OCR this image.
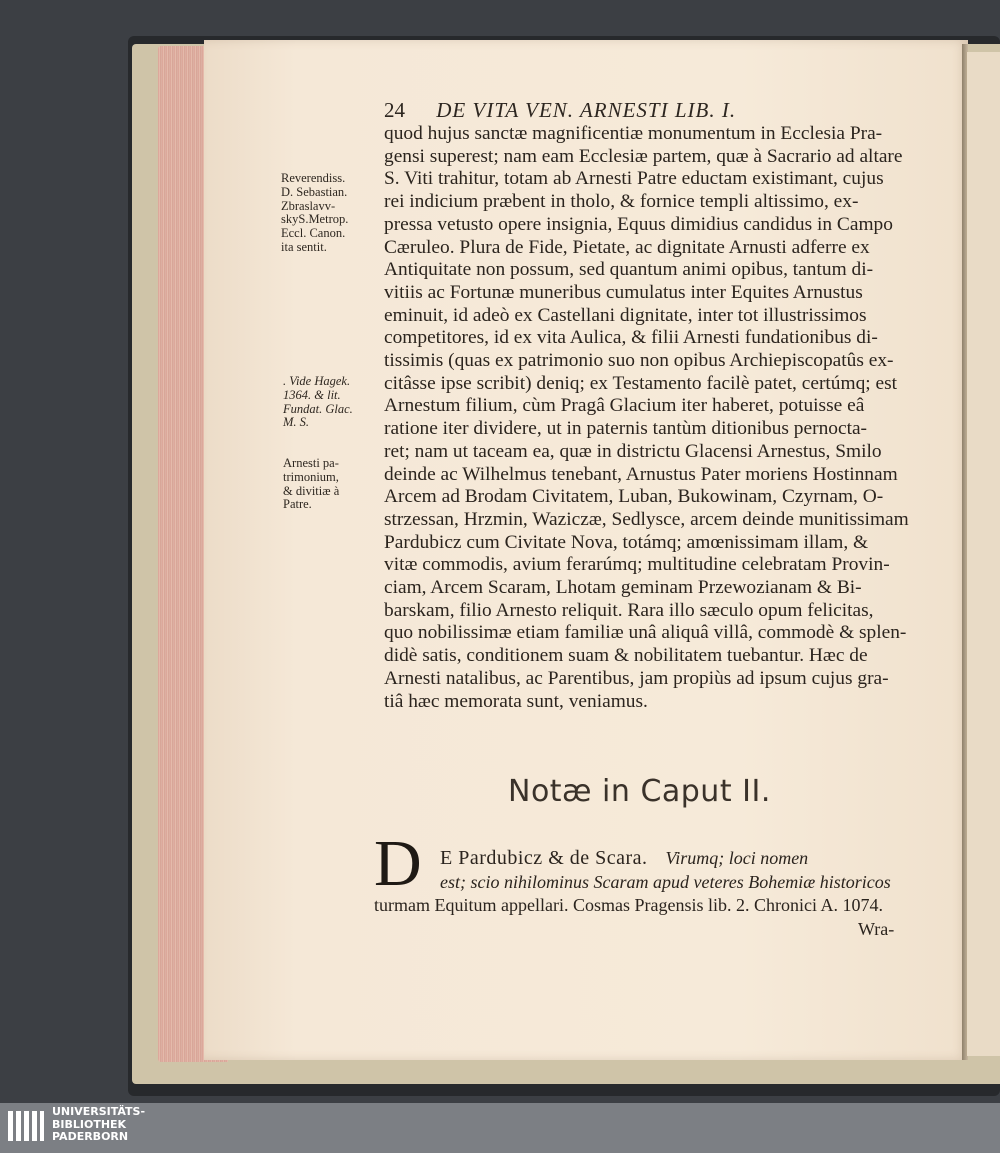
24 DE VITA VEN. ARNESTI LIB. I.
Reverendiss.
D. Sebastian.
Zbraslavv-
skyS.Metrop.
Eccl. Canon.
ita sentit.
. Vide Hagek.
1364. & lit.
Fundat. Glac.
M. S.
Arnesti pa-
trimonium,
& divitiæ à
Patre.

quod hujus sanctæ magnificentiæ monumentum in Ecclesia Pra-
gensi superest; nam eam Ecclesiæ partem, quæ à Sacrario ad altare
S. Viti trahitur, totam ab Arnesti Patre eductam existimant, cujus
rei indicium præbent in tholo, & fornice templi altissimo, ex-
pressa vetusto opere insignia, Equus dimidius candidus in Campo
Cæruleo. Plura de Fide, Pietate, ac dignitate Arnusti adferre ex
Antiquitate non possum, sed quantum animi opibus, tantum di-
vitiis ac Fortunæ muneribus cumulatus inter Equites Arnustus
eminuit, id adeò ex Castellani dignitate, inter tot illustrissimos
competitores, id ex vita Aulica, & filii Arnesti fundationibus di-
tissimis (quas ex patrimonio suo non opibus Archiepiscopatûs ex-
citâsse ipse scribit) deniq; ex Testamento facilè patet, certúmq; est
Arnestum filium, cùm Pragâ Glacium iter haberet, potuisse eâ
ratione iter dividere, ut in paternis tantùm ditionibus pernocta-
ret; nam ut taceam ea, quæ in districtu Glacensi Arnestus, Smilo
deinde ac Wilhelmus tenebant, Arnustus Pater moriens Hostinnam
Arcem ad Brodam Civitatem, Luban, Bukowinam, Czyrnam, O-
strzessan, Hrzmin, Waziczæ, Sedlysce, arcem deinde munitissimam
Pardubicz cum Civitate Nova, totámq; amœnissimam illam, &
vitæ commodis, avium ferarúmq; multitudine celebratam Provin-
ciam, Arcem Scaram, Lhotam geminam Przewozianam & Bi-
barskam, filio Arnesto reliquit. Rara illo sæculo opum felicitas,
quo nobilissimæ etiam familiæ unâ aliquâ villâ, commodè & splen-
didè satis, conditionem suam & nobilitatem tuebantur. Hæc de
Arnesti natalibus, ac Parentibus, jam propiùs ad ipsum cujus gra-
tiâ hæc memorata sunt, veniamus.

Notæ in Caput II.
D E Pardubicz & de Scara. Virumq; loci nomen
est; scio nihilominus Scaram apud veteres Bohemiæ historicos
turmam Equitum appellari. Cosmas Pragensis lib. 2. Chronici A. 1074.
Wra-
UNIVERSITÄTS-
BIBLIOTHEK
PADERBORN
